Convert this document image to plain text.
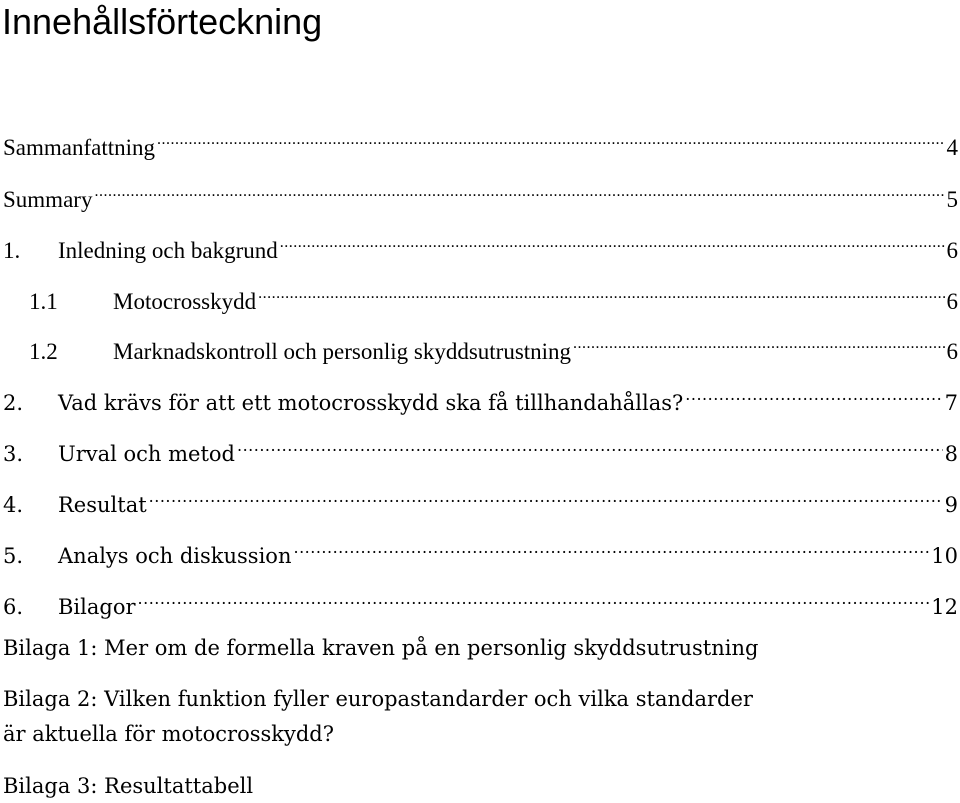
Innehållsförteckning
Sammanfattning .....	4
Summary .....	5
1.	Inledning och bakgrund .....	6
1.1	Motocrosskydd .....	6
1.2	Marknadskontroll och personlig skyddsutrustning .....	6
2.	Vad krävs för att ett motocrosskydd ska få tillhandahållas? .....	7
3.	Urval och metod .....	8
4.	Resultat .....	9
5.	Analys och diskussion .....	10
6.	Bilagor .....	12
Bilaga 1: Mer om de formella kraven på en personlig skyddsutrustning
Bilaga 2: Vilken funktion fyller europastandarder och vilka standarder
är aktuella för motocrosskydd?
Bilaga 3: Resultattabell
